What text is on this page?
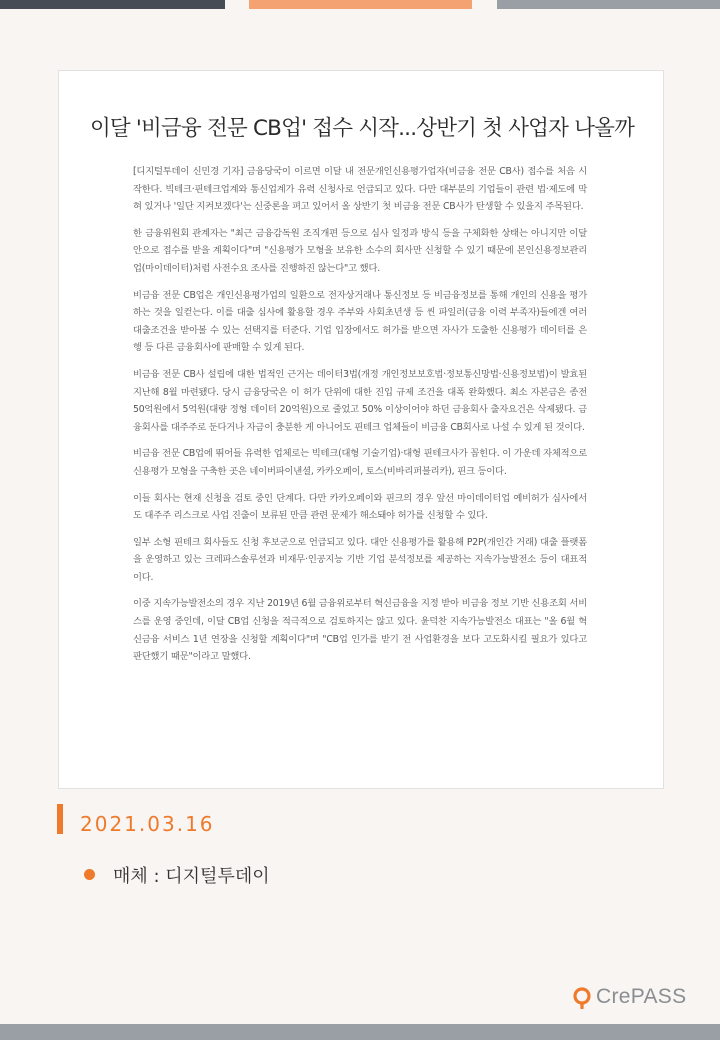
이달 '비금융 전문 CB업' 접수 시작...상반기 첫 사업자 나올까

[디지털투데이 신민경 기자] 금융당국이 이르면 이달 내 전문개인신용평가업자(비금융 전문 CB사) 접수를 처음 시작한다. 빅테크·핀테크업계와 통신업계가 유력 신청사로 언급되고 있다. 다만 대부분의 기업들이 관련 법·제도에 막혀 있거나 '일단 지켜보겠다'는 신중론을 펴고 있어서 올 상반기 첫 비금융 전문 CB사가 탄생할 수 있을지 주목된다.

한 금융위원회 관계자는 "최근 금융감독원 조직개편 등으로 심사 일정과 방식 등을 구체화한 상태는 아니지만 이달 안으로 접수를 받을 계획이다"며 "신용평가 모형을 보유한 소수의 회사만 신청할 수 있기 때문에 본인신용정보관리업(마이데이터)처럼 사전수요 조사를 진행하진 않는다"고 했다.

비금융 전문 CB업은 개인신용평가업의 일환으로 전자상거래나 통신정보 등 비금융정보를 통해 개인의 신용을 평가하는 것을 일컫는다. 이를 대출 심사에 활용할 경우 주부와 사회초년생 등 씬 파일러(금융 이력 부족자)들에겐 여러 대출조건을 받아볼 수 있는 선택지를 터준다. 기업 입장에서도 허가를 받으면 자사가 도출한 신용평가 데이터를 은행 등 다른 금융회사에 판매할 수 있게 된다.

비금융 전문 CB사 설립에 대한 법적인 근거는 데이터3법(개정 개인정보보호법·정보통신망법·신용정보법)이 발효된 지난해 8월 마련됐다. 당시 금융당국은 이 허가 단위에 대한 진입 규제 조건을 대폭 완화했다. 최소 자본금은 종전 50억원에서 5억원(대량 정형 데이터 20억원)으로 줄었고 50% 이상이어야 하던 금융회사 출자요건은 삭제됐다. 금융회사를 대주주로 둔다거나 자금이 충분한 게 아니어도 핀테크 업체들이 비금융 CB회사로 나설 수 있게 된 것이다.

비금융 전문 CB업에 뛰어들 유력한 업체로는 빅테크(대형 기술기업)·대형 핀테크사가 꼽힌다. 이 가운데 자체적으로 신용평가 모형을 구축한 곳은 네이버파이낸셜, 카카오페이, 토스(비바리퍼블리카), 핀크 등이다.

이들 회사는 현재 신청을 검토 중인 단계다. 다만 카카오페이와 핀크의 경우 앞선 마이데이터업 예비허가 심사에서도 대주주 리스크로 사업 진출이 보류된 만큼 관련 문제가 해소돼야 허가를 신청할 수 있다.

일부 소형 핀테크 회사들도 신청 후보군으로 언급되고 있다. 대안 신용평가를 활용해 P2P(개인간 거래) 대출 플랫폼을 운영하고 있는 크레파스솔루션과 비재무·인공지능 기반 기업 분석정보를 제공하는 지속가능발전소 등이 대표적이다.

이중 지속가능발전소의 경우 지난 2019년 6월 금융위로부터 혁신금융을 지정 받아 비금융 정보 기반 신용조회 서비스를 운영 중인데, 이달 CB업 신청을 적극적으로 검토하지는 않고 있다. 윤덕찬 지속가능발전소 대표는 "올 6월 혁신금융 서비스 1년 연장을 신청할 계획이다"며 "CB업 인가를 받기 전 사업환경을 보다 고도화시킬 필요가 있다고 판단했기 때문"이라고 말했다.

2021.03.16
매체 : 디지털투데이
CrePASS
